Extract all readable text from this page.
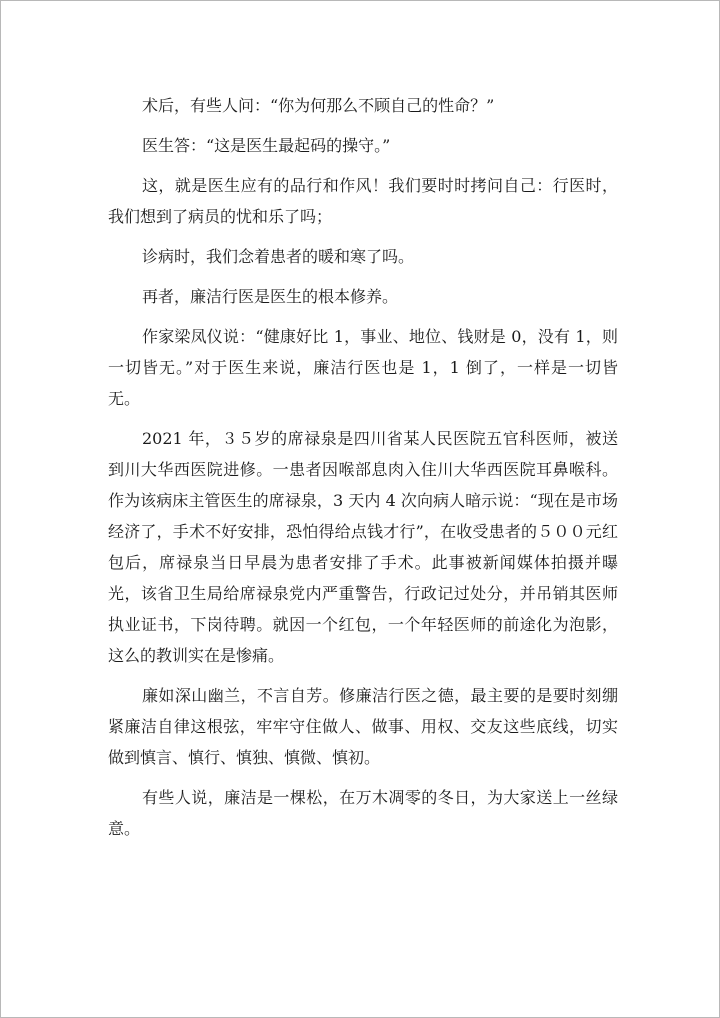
术后，有些人问：“你为何那么不顾自己的性命？”

医生答：“这是医生最起码的操守。”

这，就是医生应有的品行和作风！我们要时时拷问自己：行医时，我们想到了病员的忧和乐了吗；

诊病时，我们念着患者的暖和寒了吗。

再者，廉洁行医是医生的根本修养。

作家梁凤仪说：“健康好比 1，事业、地位、钱财是 0，没有 1，则一切皆无。”对于医生来说，廉洁行医也是 1，1 倒了，一样是一切皆无。

2021 年，３５岁的席禄泉是四川省某人民医院五官科医师，被送到川大华西医院进修。一患者因喉部息肉入住川大华西医院耳鼻喉科。作为该病床主管医生的席禄泉，3 天内 4 次向病人暗示说：“现在是市场经济了，手术不好安排，恐怕得给点钱才行”，在收受患者的５００元红包后，席禄泉当日早晨为患者安排了手术。此事被新闻媒体拍摄并曝光，该省卫生局给席禄泉党内严重警告，行政记过处分，并吊销其医师执业证书，下岗待聘。就因一个红包，一个年轻医师的前途化为泡影，这么的教训实在是惨痛。

廉如深山幽兰，不言自芳。修廉洁行医之德，最主要的是要时刻绷紧廉洁自律这根弦，牢牢守住做人、做事、用权、交友这些底线，切实做到慎言、慎行、慎独、慎微、慎初。

有些人说，廉洁是一棵松，在万木凋零的冬日，为大家送上一丝绿意。
